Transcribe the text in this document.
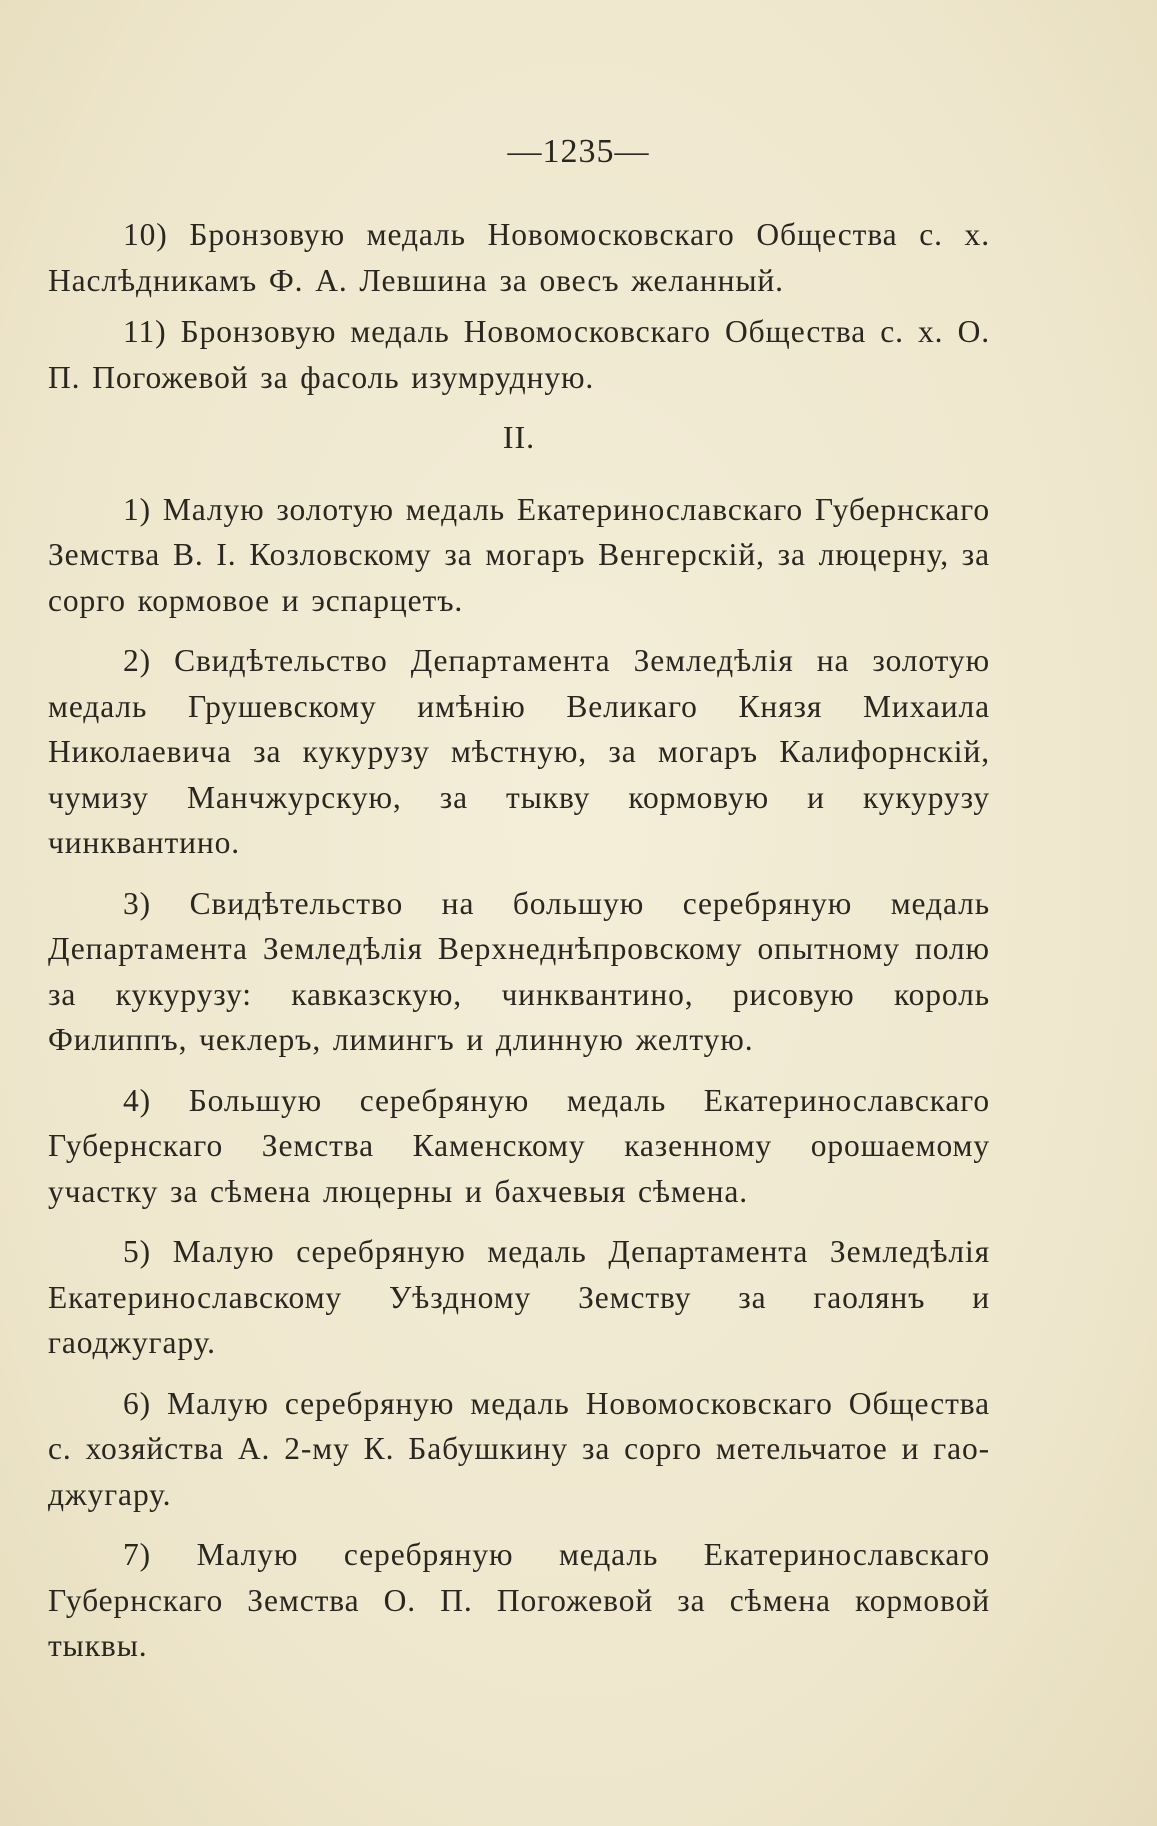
—1235—

10) Бронзовую медаль Новомосковскаго Общества с. х. Наслѣдникамъ Ф. А. Левшина за овесъ желанный.

11) Бронзовую медаль Новомосковскаго Общества с. х. О. П. Погожевой за фасоль изумрудную.

II.

1) Малую золотую медаль Екатеринославскаго Губернскаго Земства В. І. Козловскому за могаръ Венгерскій, за люцерну, за сорго кормовое и эспарцетъ.

2) Свидѣтельство Департамента Земледѣлія на золотую медаль Грушевскому имѣнію Великаго Князя Михаила Николаевича за кукурузу мѣстную, за могаръ Калифорнскій, чумизу Манчжурскую, за тыкву кормовую и кукурузу чинквантино.

3) Свидѣтельство на большую серебряную медаль Департамента Земледѣлія Верхнеднѣпровскому опытному полю за кукурузу: кавказскую, чинквантино, рисовую король Филиппъ, чеклеръ, лимингъ и длинную желтую.

4) Большую серебряную медаль Екатеринославскаго Губернскаго Земства Каменскому казенному орошаемому участку за сѣмена люцерны и бахчевыя сѣмена.

5) Малую серебряную медаль Департамента Земледѣлія Екатеринославскому Уѣздному Земству за гаолянъ и гаоджугару.

6) Малую серебряную медаль Новомосковскаго Общества с. хозяйства А. 2-му К. Бабушкину за сорго метельчатое и гао-джугару.

7) Малую серебряную медаль Екатеринославскаго Губернскаго Земства О. П. Погожевой за сѣмена кормовой тыквы.
